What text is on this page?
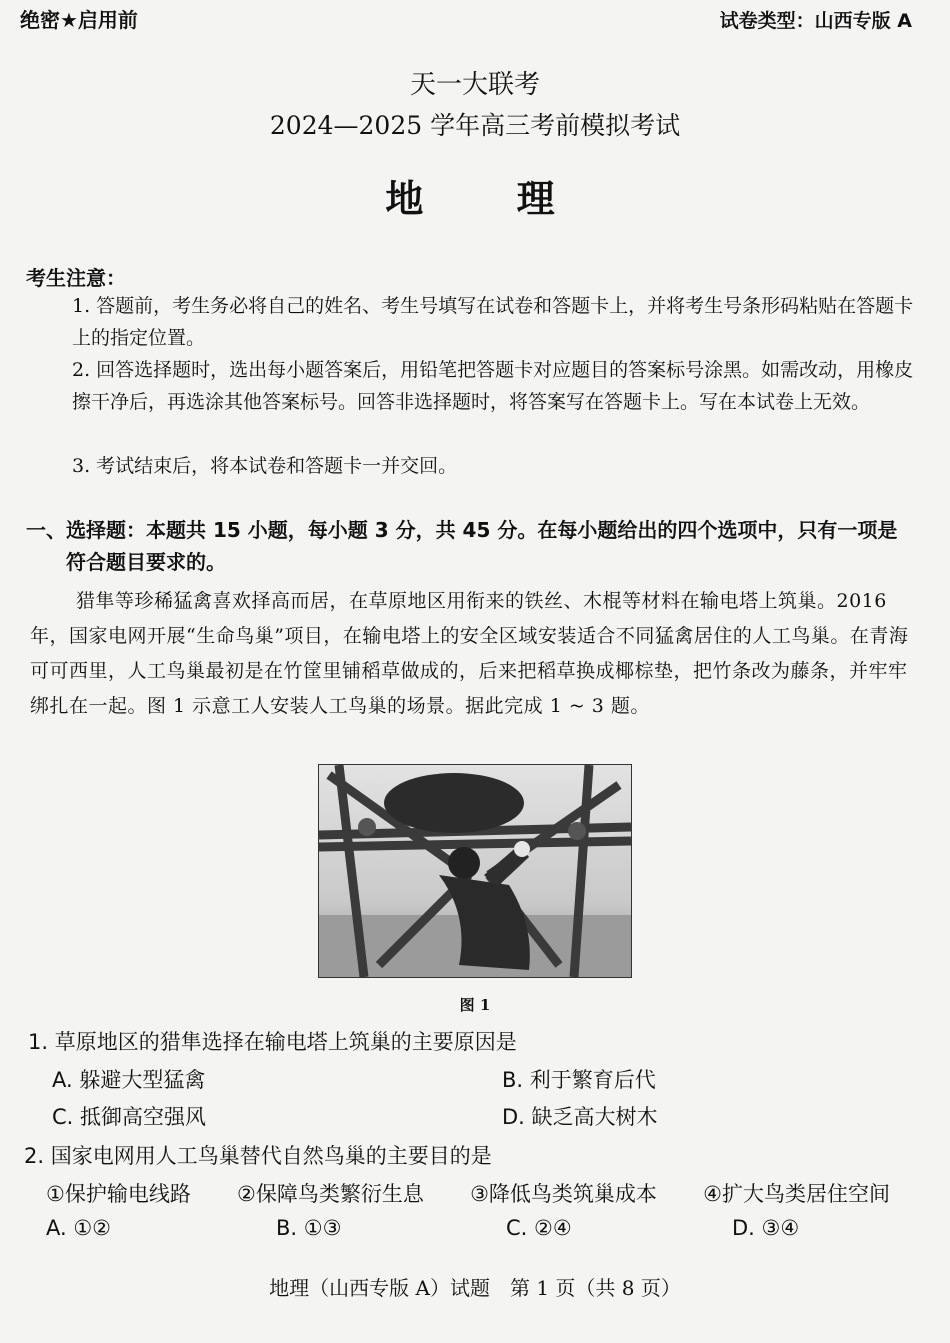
绝密★启用前	试卷类型：山西专版 A
天一大联考
2024—2025 学年高三考前模拟考试
地 理
考生注意：
1. 答题前，考生务必将自己的姓名、考生号填写在试卷和答题卡上，并将考生号条形码粘贴在答题卡上的指定位置。
2. 回答选择题时，选出每小题答案后，用铅笔把答题卡对应题目的答案标号涂黑。如需改动，用橡皮擦干净后，再选涂其他答案标号。回答非选择题时，将答案写在答题卡上。写在本试卷上无效。
3. 考试结束后，将本试卷和答题卡一并交回。
一、选择题：本题共 15 小题，每小题 3 分，共 45 分。在每小题给出的四个选项中，只有一项是
符合题目要求的。
猎隼等珍稀猛禽喜欢择高而居，在草原地区用衔来的铁丝、木棍等材料在输电塔上筑巢。2016 年，国家电网开展“生命鸟巢”项目，在输电塔上的安全区域安装适合不同猛禽居住的人工鸟巢。在青海可可西里，人工鸟巢最初是在竹筐里铺稻草做成的，后来把稻草换成椰棕垫，把竹条改为藤条，并牢牢绑扎在一起。图 1 示意工人安装人工鸟巢的场景。据此完成 1 ~ 3 题。
图 1
1. 草原地区的猎隼选择在输电塔上筑巢的主要原因是
A. 躲避大型猛禽	B. 利于繁育后代
C. 抵御高空强风	D. 缺乏高大树木
2. 国家电网用人工鸟巢替代自然鸟巢的主要目的是
①保护输电线路 ②保障鸟类繁衍生息 ③降低鸟类筑巢成本 ④扩大鸟类居住空间
A. ①②	B. ①③	C. ②④	D. ③④
地理（山西专版 A）试题　第 1 页（共 8 页）
